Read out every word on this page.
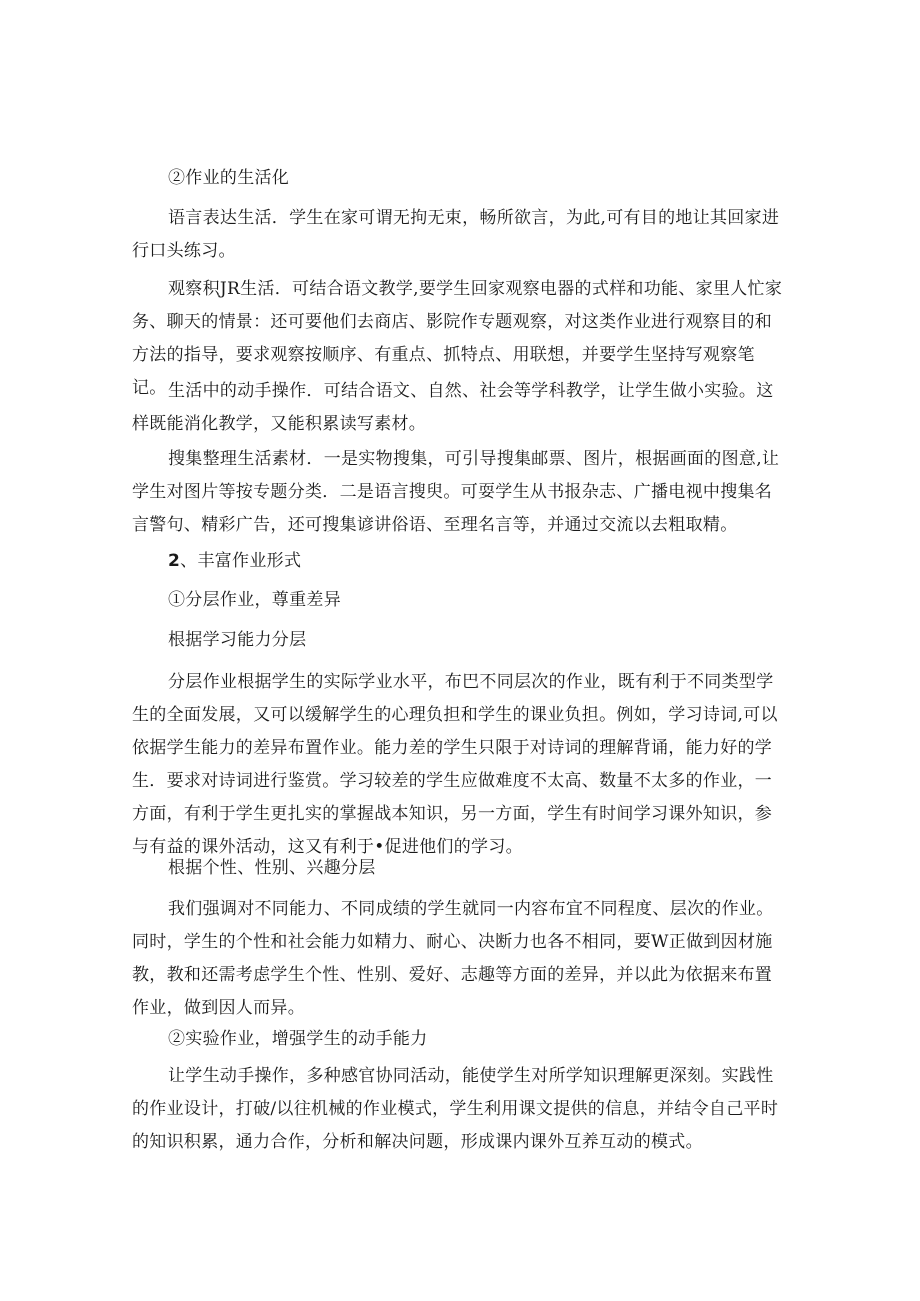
②作业的生活化

语言表达生活．学生在家可谓无拘无束，畅所欲言，为此,可有目的地让其回家进行口头练习。

观察积JR生活．可结合语文教学,要学生回家观察电器的式样和功能、家里人忙家务、聊天的情景：还可要他们去商店、影院作专题观察，对这类作业进行观察目的和方法的指导，要求观察按顺序、有重点、抓特点、用联想，并要学生坚持写观察笔记。 生活中的动手操作．可结合语文、自然、社会等学科教学，让学生做小实验。这样既能消化教学，又能积累读写素材。

搜集整理生活素材．一是实物搜集，可引导搜集邮票、图片，根据画面的图意,让学生对图片等按专题分类．二是语言搜臾。可耍学生从书报杂志、广播电视中搜集名言警句、精彩广告，还可搜集谚讲俗语、至理名言等，并通过交流以去粗取精。

2、丰富作业形式

①分层作业，尊重差异

根据学习能力分层

分层作业根据学生的实际学业水平，布巴不同层次的作业，既有利于不同类型学生的全面发展，又可以缓解学生的心理负担和学生的课业负担。例如，学习诗词,可以依据学生能力的差异布置作业。能力差的学生只限于对诗词的理解背诵，能力好的学生．要求对诗词进行鉴赏。学习较差的学生应做难度不太高、数量不太多的作业，一方面，有利于学生更扎实的掌握战本知识，另一方面，学生有时间学习课外知识，参与有益的课外活动，这又有利于•促进他们的学习。

根据个性、性别、兴趣分层

我们强调对不同能力、不同成绩的学生就同一内容布宜不同程度、层次的作业。同时，学生的个性和社会能力如精力、耐心、决断力也各不相同，要W正做到因材施教，教和还需考虑学生个性、性别、爱好、志趣等方面的差异，并以此为依据来布置作业，做到因人而异。

②实验作业，增强学生的动手能力

让学生动手操作，多种感官协同活动，能使学生对所学知识理解更深刻。实践性的作业设计，打破/以往机械的作业模式，学生利用课文提供的信息，并结令自己平时的知识积累，通力合作，分析和解决问题，形成课内课外互养互动的模式。
